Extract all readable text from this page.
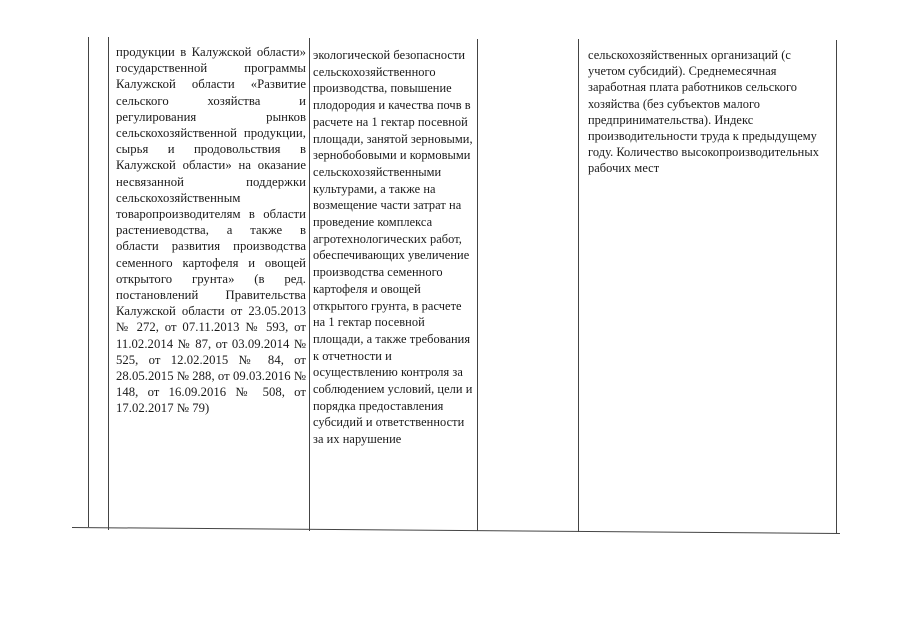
продукции в Калужской области» государственной программы Калужской области «Развитие сельского хозяйства и регулирования рынков сельскохозяйственной продукции, сырья и продовольствия в Калужской области» на оказание несвязанной поддержки сельскохозяйственным товаропроизводителям в области растениеводства, а также в области развития производства семенного картофеля и овощей открытого грунта» (в ред. постановлений Правительства Калужской области от 23.05.2013 № 272, от 07.11.2013 № 593, от 11.02.2014 № 87, от 03.09.2014 № 525, от 12.02.2015 № 84, от 28.05.2015 № 288, от 09.03.2016 № 148, от 16.09.2016 № 508, от 17.02.2017 № 79)

экологической безопасности сельскохозяйственного производства, повышение плодородия и качества почв в расчете на 1 гектар посевной площади, занятой зерновыми, зернобобовыми и кормовыми сельскохозяйственными культурами, а также на возмещение части затрат на проведение комплекса агротехнологических работ, обеспечивающих увеличение производства семенного картофеля и овощей открытого грунта, в расчете на 1 гектар посевной площади, а также требования к отчетности и осуществлению контроля за соблюдением условий, цели и порядка предоставления субсидий и ответственности за их нарушение

сельскохозяйственных организаций (с учетом субсидий). Среднемесячная заработная плата работников сельского хозяйства (без субъектов малого предпринимательства). Индекс производительности труда к предыдущему году. Количество высокопроизводительных рабочих мест
